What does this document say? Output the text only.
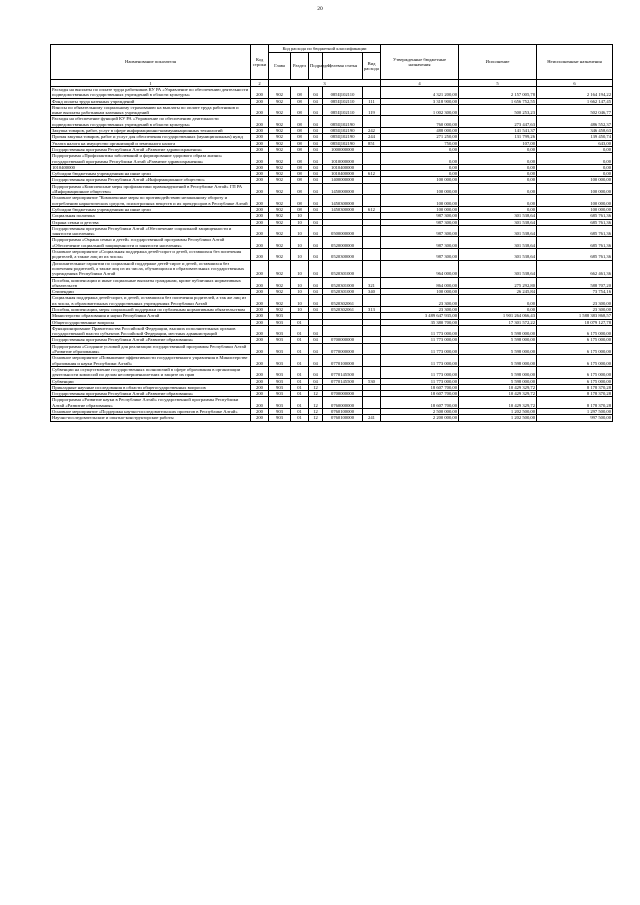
20
Наименование показателя	Код строки	Код расхода по бюджетной классификации					Утвержденные бюджетные назначения	Исполнение	Неисполненные назначения
		Глава	Раздел	Подраздел	Целевая статья	Вид расхода			
1	2	3					4	5	6
Расходы на выплаты по оплате труда работников КУ РА «Управление по обеспечению деятельности подведомственных государственных учреждений в области культуры»	200	902	08	04	085Ц102110		4 321 200,00	2 157 005,78	2 164 194,22
Фонд оплаты труда казенных учреждений	200	902	08	04	085Ц102110	111	3 318 900,00	1 656 752,55	1 662 147,45
Взносы по обязательному социальному страхованию на выплаты по оплате труда работников и иные выплаты работникам казенных учреждений	200	902	08	04	085Ц102110	119	1 002 300,00	500 253,23	502 046,77
Расходы на обеспечение функций КУ РА «Управление по обеспечению деятельности подведомственных государственных учреждений в области культуры»	200	902	08	04	085Ц102190		760 000,00	273 447,63	486 552,37
Закупка товаров, работ, услуг в сфере информационно-коммуникационных технологий	200	902	08	04	085Ц102190	242	488 000,00	141 541,37	346 458,63
Прочая закупка товаров, работ и услуг для обеспечения государственных (муниципальных) нужд	200	902	08	04	085Ц102190	244	271 250,00	131 799,26	139 450,74
Уплата налога на имущество организаций и земельного налога	200	902	08	04	085Ц102190	851	750,00	107,00	643,00
Государственная программа Республики Алтай «Развитие здравоохранения»	200	902	08	04	1000000000		0,00	0,00	0,00
Подпрограмма «Профилактика заболеваний и формирование здорового образа жизни» государственной программы Республики Алтай «Развитие здравоохранения»	200	902	08	04	1010000000		0,00	0,00	0,00
1010400000	200	902	08	04	1010400000		0,00	0,00	0,00
Субсидии бюджетным учреждениям на иные цели	200	902	08	04	1010400000	612	0,00	0,00	0,00
Государственная программа Республики Алтай «Информационное общество»	200	902	08	04	1400000000		100 000,00	0,00	100 000,00
Подпрограмма «Комплексные меры профилактики правонарушений в Республике Алтай» ГП РА «Информационное общество»	200	902	08	04	1450000000		100 000,00	0,00	100 000,00
Основное мероприятие "Комплексные меры по противодействию незаконному обороту и потреблению наркотических средств, психотропных веществ и их прекурсоров в Республике Алтай	200	902	08	04	1450300000		100 000,00	0,00	100 000,00
Субсидии бюджетным учреждениям на иные цели	200	902	08	04	1450300000	612	100 000,00	0,00	100 000,00
Социальная политика	200	902	10				987 300,00	301 538,64	685 761,36
Охрана семьи и детства	200	902	10	04			987 300,00	301 538,64	685 761,36
Государственная программа Республики Алтай «Обеспечение социальной защищенности и занятости населения»	200	902	10	04	0500000000		987 300,00	301 538,64	685 761,36
Подпрограмма «Охрана семьи и детей» государственной программы Республики Алтай «Обеспечение социальной защищенности и занятости населения»	200	902	10	04	0520000000		987 300,00	301 538,64	685 761,36
Основное мероприятие «Социальная поддержка детей-сирот и детей, оставшихся без попечения родителей, а также лиц из их числа»	200	902	10	04	0520300000		987 300,00	301 538,64	685 761,36
Дополнительные гарантии по социальной поддержке детей-сирот и детей, оставшихся без попечения родителей, а также лиц из их числа, обучающихся в образовательных государственных учреждениях Республики Алтай	200	902	10	04	0520301000		964 000,00	301 538,64	662 461,36
Пособия, компенсации и иные социальные выплаты гражданам, кроме публичных нормативных обязательств	200	902	10	04	0520301000	321	864 000,00	275 292,80	588 707,20
Стипендии	200	902	10	04	0520301000	340	100 000,00	26 245,84	73 754,16
Социальная поддержка детей-сирот, и детей, оставшихся без попечения родителей, а так же лиц из их числа, в образовательных государственных учреждениях Республики Алтай	200	902	10	04	0520302061		23 300,00	0,00	23 300,00
Пособия, компенсации, меры социальной поддержки по публичным нормативным обязательствам	200	902	10	04	0520302061	313	23 300,00	0,00	23 300,00
Министерство образования и науки Республики Алтай	200	903					3 489 647 935,00	1 901 264 066,43	1 588 383 868,57
Общегосударственные вопросы	200	903	01				35 380 700,00	17 301 572,22	18 079 127,78
Функционирование Правительства Российской Федерации, высших исполнительных органов государственной власти субъектов Российской Федерации, местных администраций	200	903	01	04			11 773 000,00	5 598 000,00	6 175 000,00
Государственная программа Республики Алтай «Развитие образования»	200	903	01	04	0700000000		11 773 000,00	5 598 000,00	6 175 000,00
Подпрограмма «Создание условий для реализации государственной программы Республики Алтай «Развитие образования»	200	903	01	04	0770000000		11 773 000,00	5 598 000,00	6 175 000,00
Основное мероприятие «Повышение эффективности государственного управления в Министерстве образования и науки Республики Алтай»	200	903	01	04	0770100000		11 773 000,00	5 598 000,00	6 175 000,00
Субвенции на осуществление государственных полномочий в сфере образования в организации деятельности комиссий по делам несовершеннолетних и защите их прав	200	903	01	04	0770145500		11 773 000,00	5 598 000,00	6 175 000,00
Субвенции	200	903	01	04	0770145500	530	11 773 000,00	5 598 000,00	6 175 000,00
Прикладные научные исследования в области общегосударственных вопросов	200	903	01	12			18 607 700,00	10 429 329,72	8 178 370,28
Государственная программа Республики Алтай «Развитие образования»	200	903	01	12	0700000000		18 607 700,00	10 429 329,72	8 178 370,28
Подпрограмма «Развитие науки в Республике Алтай» государственной программы Республики Алтай «Развитие образования»	200	903	01	12	0760000000		18 607 700,00	10 429 329,72	8 178 370,28
Основное мероприятие «Поддержка научно-исследовательских проектов в Республике Алтай»	200	903	01	12	0760100000		2 500 000,00	1 202 500,00	1 297 500,00
Научно-исследовательские и опытно-конструкторские работы	200	903	01	12	0760100000	241	2 200 000,00	1 202 500,00	997 500,00
